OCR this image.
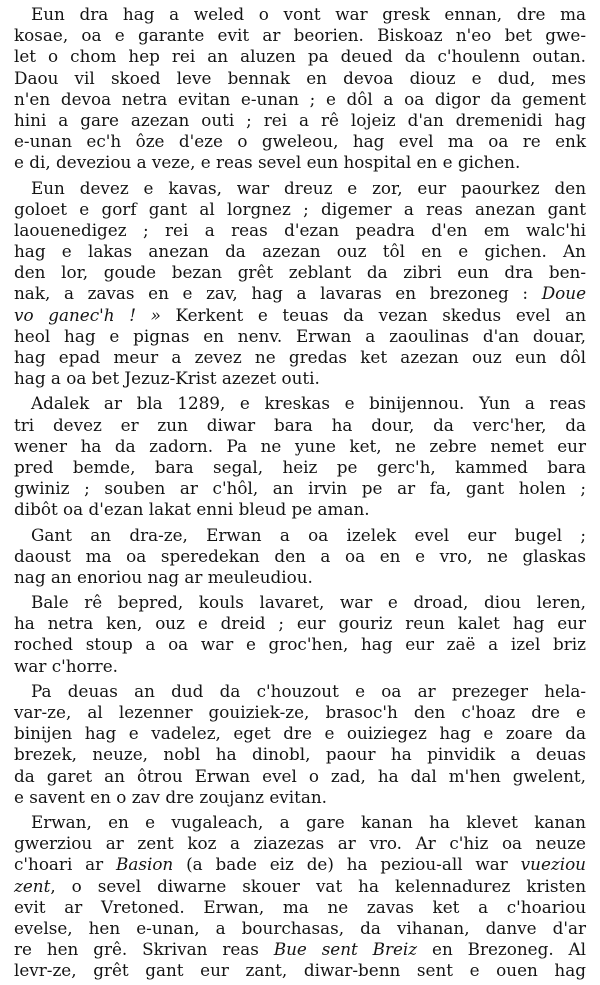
Eun dra hag a weled o vont war gresk ennan, dre ma
kosae, oa e garante evit ar beorien. Biskoaz n'eo bet gwe-
let o chom hep rei an aluzen pa deued da c'houlenn outan.
Daou vil skoed leve bennak en devoa diouz e dud, mes
n'en devoa netra evitan e-unan ; e dôl a oa digor da gement
hini a gare azezan outi ; rei a rê lojeiz d'an dremenidi hag
e-unan ec'h ôze d'eze o gweleou, hag evel ma oa re enk
e di, deveziou a veze, e reas sevel eun hospital en e gichen.
Eun devez e kavas, war dreuz e zor, eur paourkez den
goloet e gorf gant al lorgnez ; digemer a reas anezan gant
laouenedigez ; rei a reas d'ezan peadra d'en em walc'hi
hag e lakas anezan da azezan ouz tôl en e gichen. An
den lor, goude bezan grêt zeblant da zibri eun dra ben-
nak, a zavas en e zav, hag a lavaras en brezoneg : Doue
vo ganec'h ! » Kerkent e teuas da vezan skedus evel an
heol hag e pignas en nenv. Erwan a zaoulinas d'an douar,
hag epad meur a zevez ne gredas ket azezan ouz eun dôl
hag a oa bet Jezuz-Krist azezet outi.
Adalek ar bla 1289, e kreskas e binijennou. Yun a reas
tri devez er zun diwar bara ha dour, da verc'her, da
wener ha da zadorn. Pa ne yune ket, ne zebre nemet eur
pred bemde, bara segal, heiz pe gerc'h, kammed bara
gwiniz ; souben ar c'hôl, an irvin pe ar fa, gant holen ;
dibôt oa d'ezan lakat enni bleud pe aman.
Gant an dra-ze, Erwan a oa izelek evel eur bugel ;
daoust ma oa speredekan den a oa en e vro, ne glaskas
nag an enoriou nag ar meuleudiou.
Bale rê bepred, kouls lavaret, war e droad, diou leren,
ha netra ken, ouz e dreid ; eur gouriz reun kalet hag eur
roched stoup a oa war e groc'hen, hag eur zaë a izel briz
war c'horre.
Pa deuas an dud da c'houzout e oa ar prezeger hela-
var-ze, al lezenner gouiziek-ze, brasoc'h den c'hoaz dre e
binijen hag e vadelez, eget dre e ouiziegez hag e zoare da
brezek, neuze, nobl ha dinobl, paour ha pinvidik a deuas
da garet an ôtrou Erwan evel o zad, ha dal m'hen gwelent,
e savent en o zav dre zoujanz evitan.
Erwan, en e vugaleach, a gare kanan ha klevet kanan
gwerziou ar zent koz a ziazezas ar vro. Ar c'hiz oa neuze
c'hoari ar Basion (a bade eiz de) ha peziou-all war vueziou
zent, o sevel diwarne skouer vat ha kelennadurez kristen
evit ar Vretoned. Erwan, ma ne zavas ket a c'hoariou
evelse, hen e-unan, a bourchasas, da vihanan, danve d'ar
re hen grê. Skrivan reas Bue sent Breiz en Brezoneg. Al
levr-ze, grêt gant eur zant, diwar-benn sent e ouen hag
